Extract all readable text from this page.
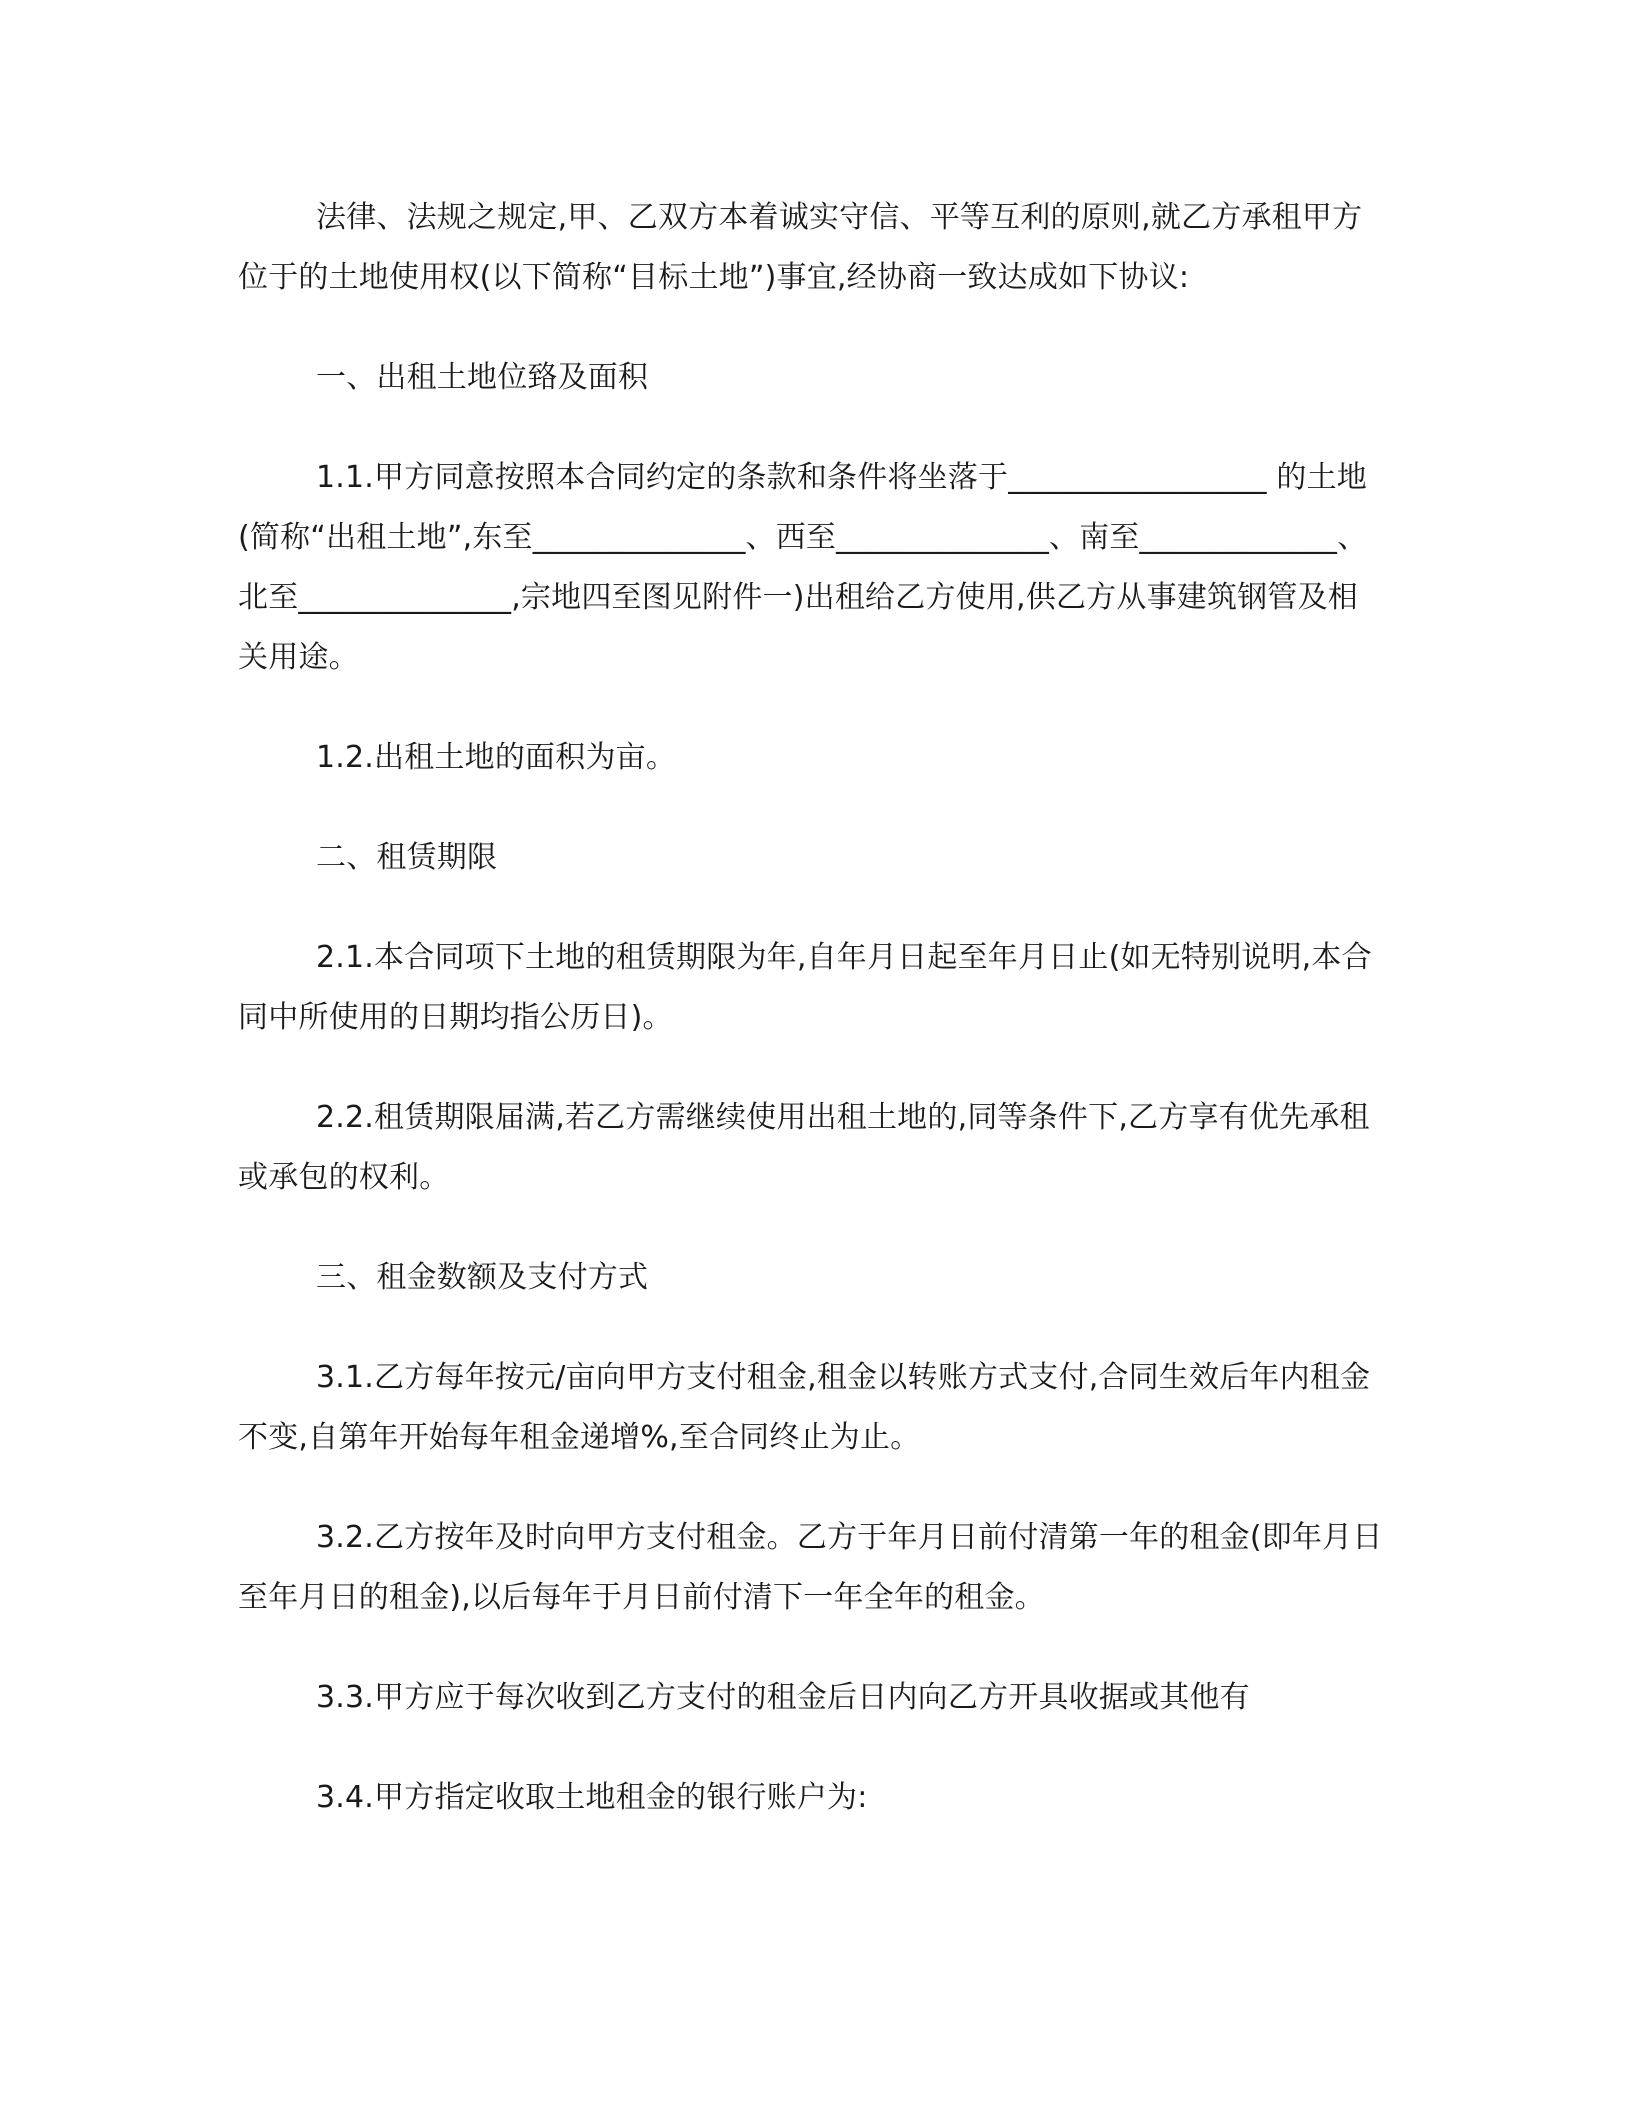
法律、法规之规定,甲、乙双方本着诚实守信、平等互利的原则,就乙方承租甲方位于的土地使用权(以下简称“目标土地”)事宜,经协商一致达成如下协议:

一、出租土地位臵及面积

1.1.甲方同意按照本合同约定的条款和条件将坐落于_________________ 的土地(简称“出租土地”,东至______________、西至______________、南至_____________、北至______________,宗地四至图见附件一)出租给乙方使用,供乙方从事建筑钢管及相关用途。

1.2.出租土地的面积为亩。

二、租赁期限

2.1.本合同项下土地的租赁期限为年,自年月日起至年月日止(如无特别说明,本合同中所使用的日期均指公历日)。

2.2.租赁期限届满,若乙方需继续使用出租土地的,同等条件下,乙方享有优先承租或承包的权利。

三、租金数额及支付方式

3.1.乙方每年按元/亩向甲方支付租金,租金以转账方式支付,合同生效后年内租金不变,自第年开始每年租金递增%,至合同终止为止。

3.2.乙方按年及时向甲方支付租金。乙方于年月日前付清第一年的租金(即年月日至年月日的租金),以后每年于月日前付清下一年全年的租金。

3.3.甲方应于每次收到乙方支付的租金后日内向乙方开具收据或其他有

3.4.甲方指定收取土地租金的银行账户为:
